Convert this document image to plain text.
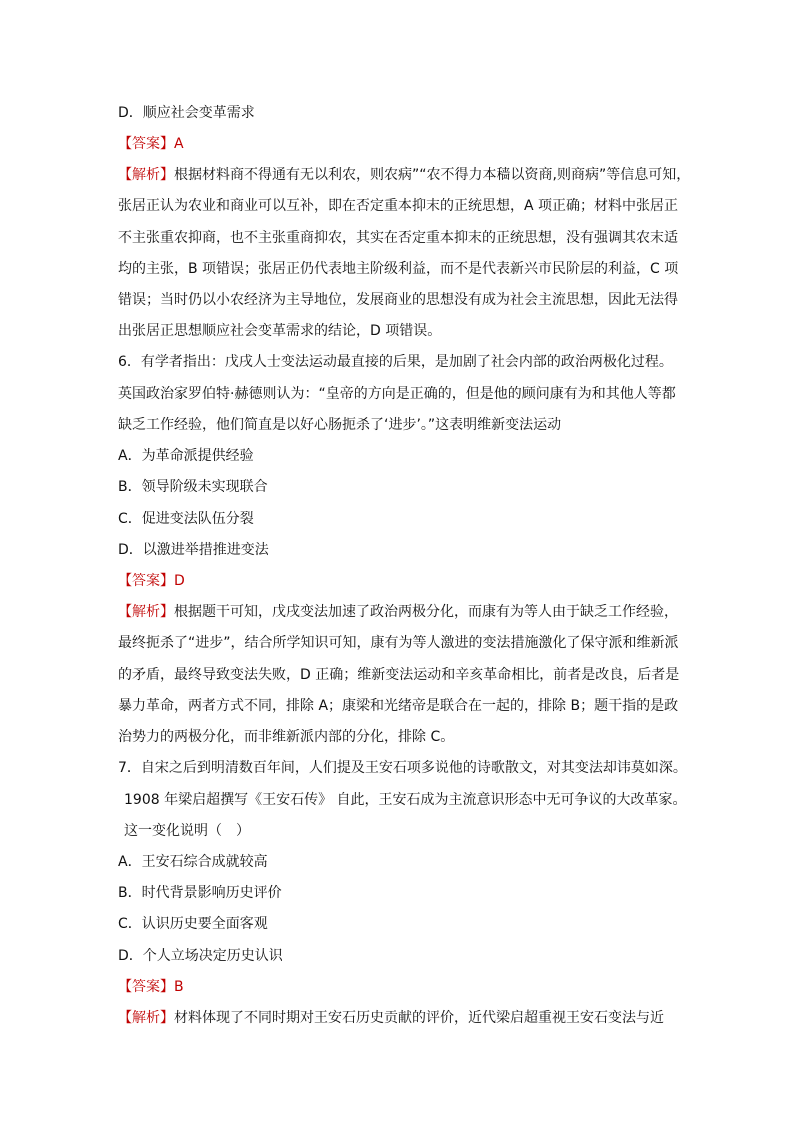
D．顺应社会变革需求
【答案】A
【解析】根据材料商不得通有无以利农，则农病”“农不得力本穑以资商,则商病”等信息可知，
张居正认为农业和商业可以互补，即在否定重本抑末的正统思想，A 项正确；材料中张居正
不主张重农抑商，也不主张重商抑农，其实在否定重本抑末的正统思想，没有强调其农末适
均的主张，B 项错误；张居正仍代表地主阶级利益，而不是代表新兴市民阶层的利益，C 项
错误；当时仍以小农经济为主导地位，发展商业的思想没有成为社会主流思想，因此无法得
出张居正思想顺应社会变革需求的结论，D 项错误。
6．有学者指出：戊戌人士变法运动最直接的后果，是加剧了社会内部的政治两极化过程。
英国政治家罗伯特·赫德则认为：“皇帝的方向是正确的，但是他的顾问康有为和其他人等都
缺乏工作经验，他们简直是以好心肠扼杀了‘进步’。”这表明维新变法运动
A．为革命派提供经验
B．领导阶级未实现联合
C．促进变法队伍分裂
D．以激进举措推进变法
【答案】D
【解析】根据题干可知，戊戌变法加速了政治两极分化，而康有为等人由于缺乏工作经验，
最终扼杀了“进步”，结合所学知识可知，康有为等人激进的变法措施激化了保守派和维新派
的矛盾，最终导致变法失败，D 正确；维新变法运动和辛亥革命相比，前者是改良，后者是
暴力革命，两者方式不同，排除 A；康梁和光绪帝是联合在一起的，排除 B；题干指的是政
治势力的两极分化，而非维新派内部的分化，排除 C。
7．自宋之后到明清数百年间，人们提及王安石项多说他的诗歌散文，对其变法却讳莫如深。
1908 年梁启超撰写《王安石传》 自此，王安石成为主流意识形态中无可争议的大改革家。
这一变化说明（　）
A．王安石综合成就较高
B．时代背景影响历史评价
C．认识历史要全面客观
D．个人立场决定历史认识
【答案】B
【解析】材料体现了不同时期对王安石历史贡献的评价，近代梁启超重视王安石变法与近
